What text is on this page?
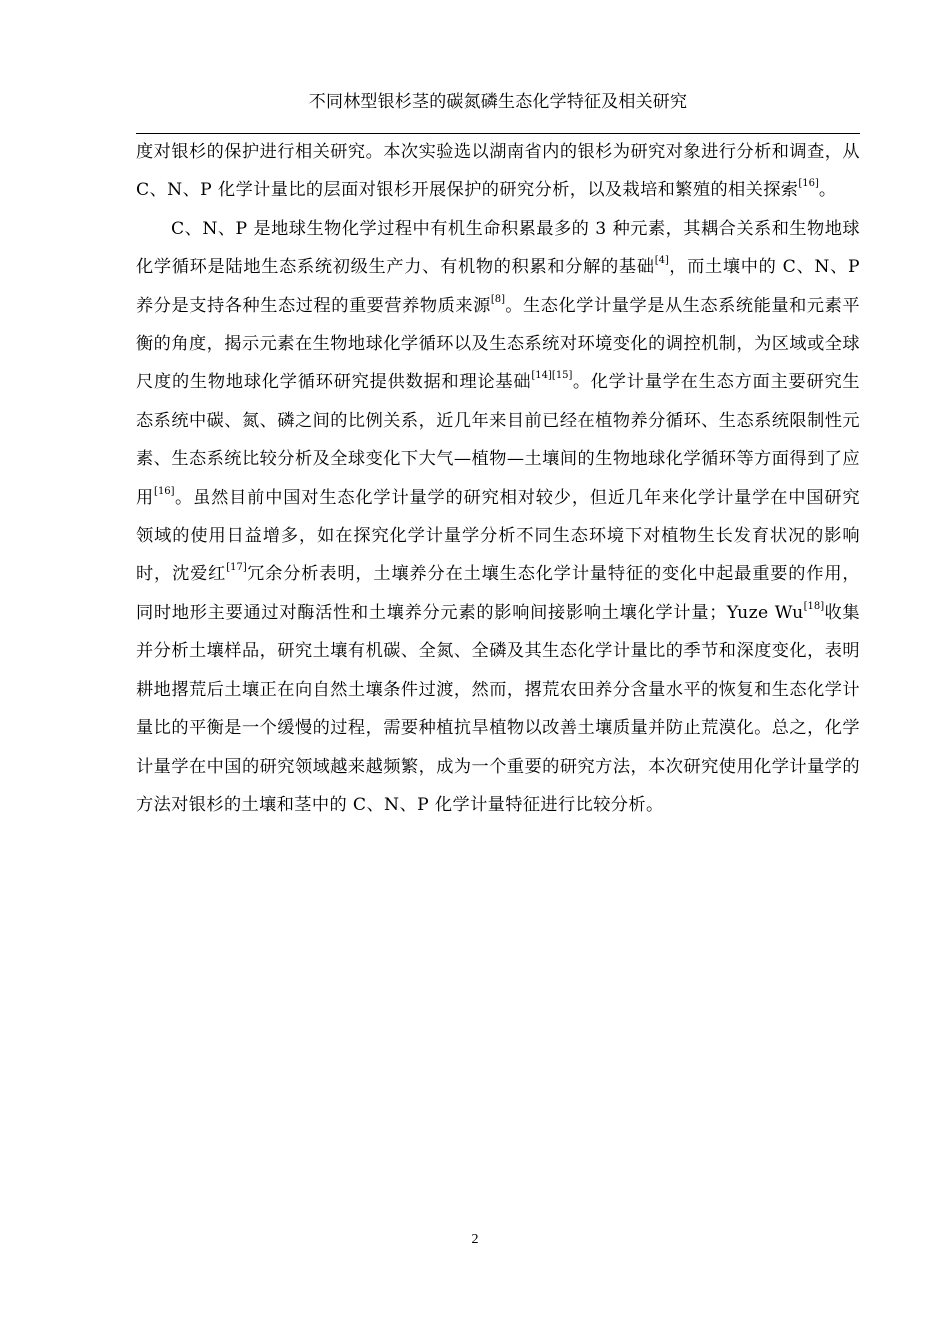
不同林型银杉茎的碳氮磷生态化学特征及相关研究

度对银杉的保护进行相关研究。本次实验选以湖南省内的银杉为研究对象进行分析和调查，从 C、N、P 化学计量比的层面对银杉开展保护的研究分析，以及栽培和繁殖的相关探索[16]。

C、N、P 是地球生物化学过程中有机生命积累最多的 3 种元素，其耦合关系和生物地球化学循环是陆地生态系统初级生产力、有机物的积累和分解的基础[4]，而土壤中的 C、N、P 养分是支持各种生态过程的重要营养物质来源[8]。生态化学计量学是从生态系统能量和元素平衡的角度，揭示元素在生物地球化学循环以及生态系统对环境变化的调控机制，为区域或全球尺度的生物地球化学循环研究提供数据和理论基础[14][15]。化学计量学在生态方面主要研究生态系统中碳、氮、磷之间的比例关系，近几年来目前已经在植物养分循环、生态系统限制性元素、生态系统比较分析及全球变化下大气—植物—土壤间的生物地球化学循环等方面得到了应用[16]。虽然目前中国对生态化学计量学的研究相对较少，但近几年来化学计量学在中国研究领域的使用日益增多，如在探究化学计量学分析不同生态环境下对植物生长发育状况的影响时，沈爱红[17]冗余分析表明，土壤养分在土壤生态化学计量特征的变化中起最重要的作用，同时地形主要通过对酶活性和土壤养分元素的影响间接影响土壤化学计量；Yuze Wu[18]收集并分析土壤样品，研究土壤有机碳、全氮、全磷及其生态化学计量比的季节和深度变化，表明耕地撂荒后土壤正在向自然土壤条件过渡，然而，撂荒农田养分含量水平的恢复和生态化学计量比的平衡是一个缓慢的过程，需要种植抗旱植物以改善土壤质量并防止荒漠化。总之，化学计量学在中国的研究领域越来越频繁，成为一个重要的研究方法，本次研究使用化学计量学的方法对银杉的土壤和茎中的 C、N、P 化学计量特征进行比较分析。

2
